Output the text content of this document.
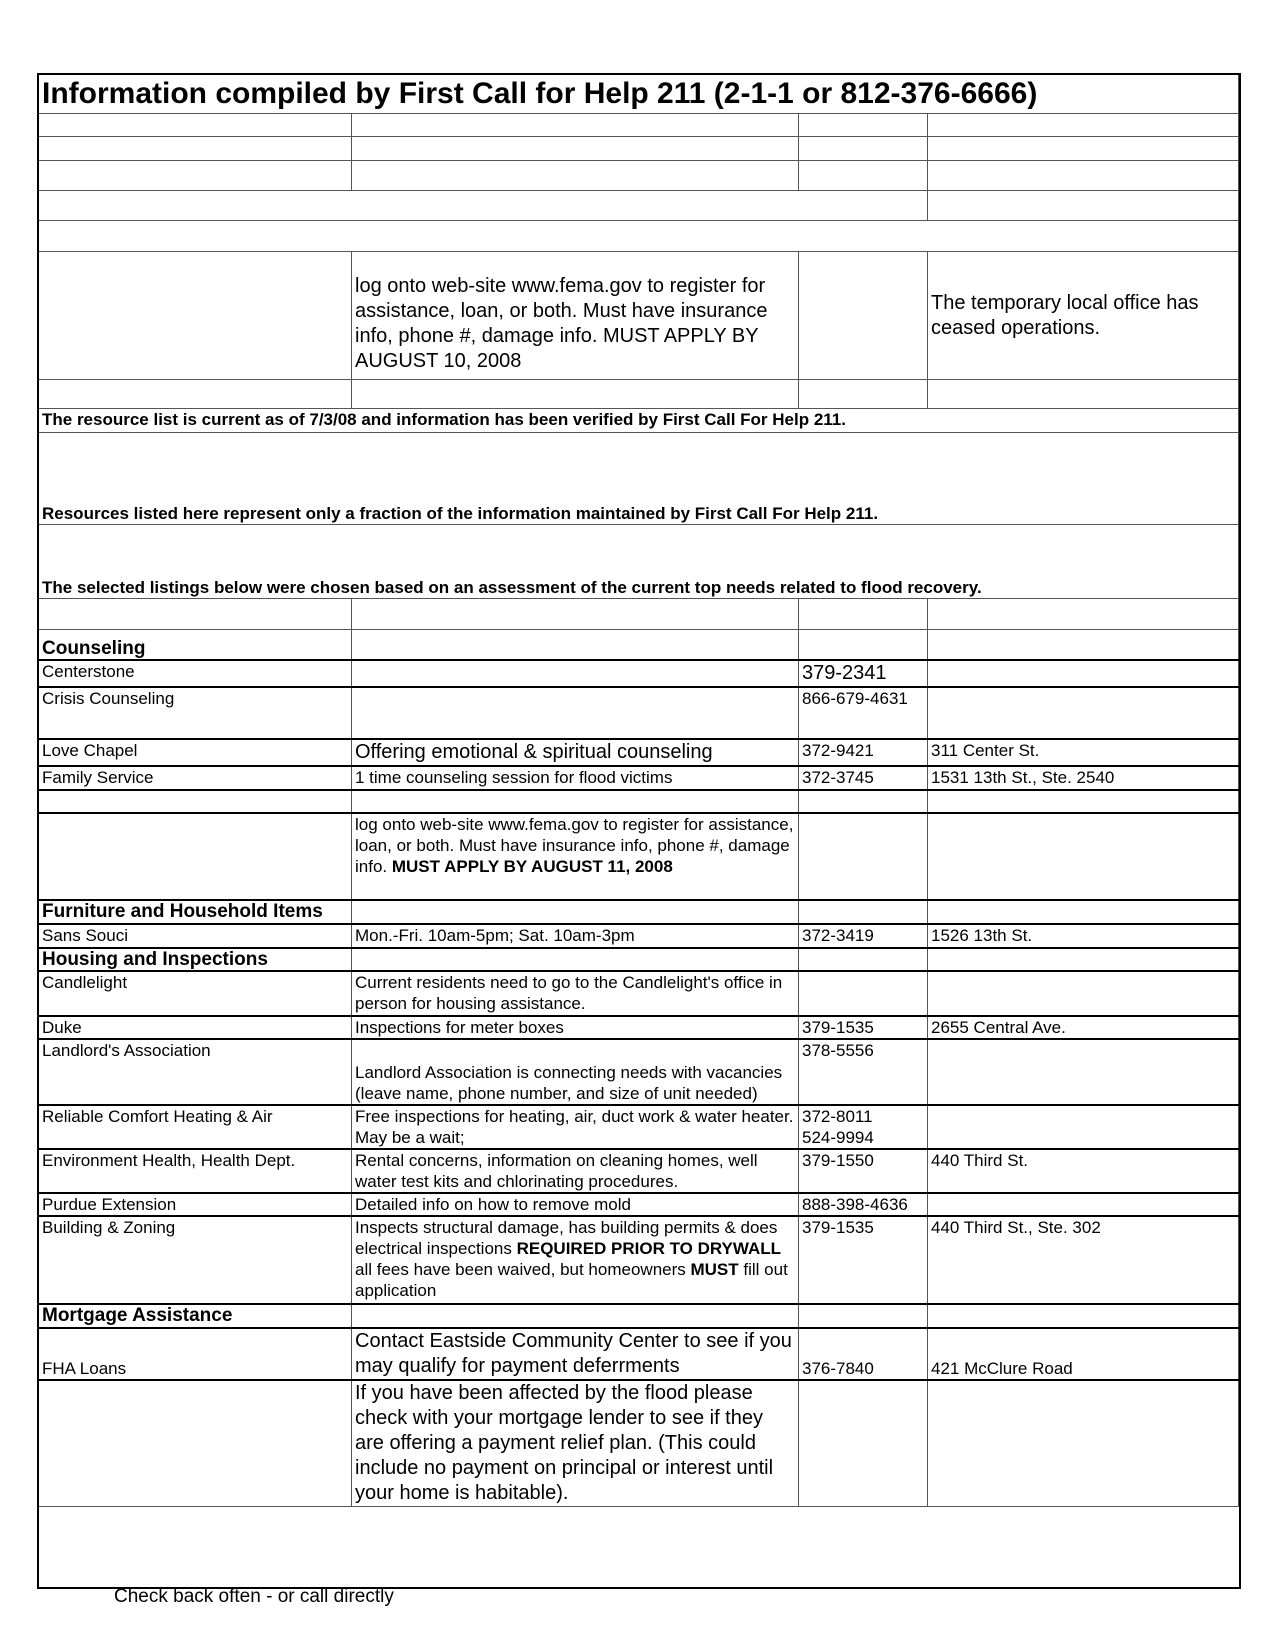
Information compiled by First Call for Help 211 (2-1-1 or 812-376-6666)			

	log onto web-site www.fema.gov to register for assistance, loan, or both. Must have insurance info, phone #, damage info. MUST APPLY BY AUGUST 10, 2008		The temporary local office has ceased operations.

The resource list is current as of 7/3/08 and information has been verified by First Call For Help 211.			
Resources listed here represent only a fraction of the information maintained by First Call For Help 211.			
The selected listings below were chosen based on an assessment of the current top needs related to flood recovery.			

Counseling			
Centerstone		379-2341	
Crisis Counseling		866-679-4631	
Love Chapel	Offering emotional & spiritual counseling	372-9421	311 Center St.
Family Service	1 time counseling session for flood victims	372-3745	1531 13th St., Ste. 2540

	log onto web-site www.fema.gov to register for assistance, loan, or both. Must have insurance info, phone #, damage info. MUST APPLY BY AUGUST 11, 2008		
Furniture and Household Items			
Sans Souci	Mon.-Fri. 10am-5pm; Sat. 10am-3pm	372-3419	1526 13th St.
Housing and Inspections			
Candlelight	Current residents need to go to the Candlelight's office in person for housing assistance.		
Duke	Inspections for meter boxes	379-1535	2655 Central Ave.
Landlord's Association	Landlord Association is connecting needs with vacancies (leave name, phone number, and size of unit needed)	378-5556	
Reliable Comfort Heating & Air	Free inspections for heating, air, duct work & water heater. May be a wait;	372-8011
524-9994	

Environment Health, Health Dept.	Rental concerns, information on cleaning homes, well water test kits and chlorinating procedures.	379-1550	440 Third St.
Purdue Extension	Detailed info on how to remove mold	888-398-4636	
Building & Zoning	Inspects structural damage, has building permits & does electrical inspections REQUIRED PRIOR TO DRYWALL all fees have been waived, but homeowners MUST fill out application	379-1535	440 Third St., Ste. 302
Mortgage Assistance			
FHA Loans	Contact Eastside Community Center to see if you may qualify for payment deferrments	376-7840	421 McClure Road
	If you have been affected by the flood please check with your mortgage lender to see if they are offering a payment relief plan. (This could include no payment on principal or interest until your home is habitable).		
Check back often - or call directly
